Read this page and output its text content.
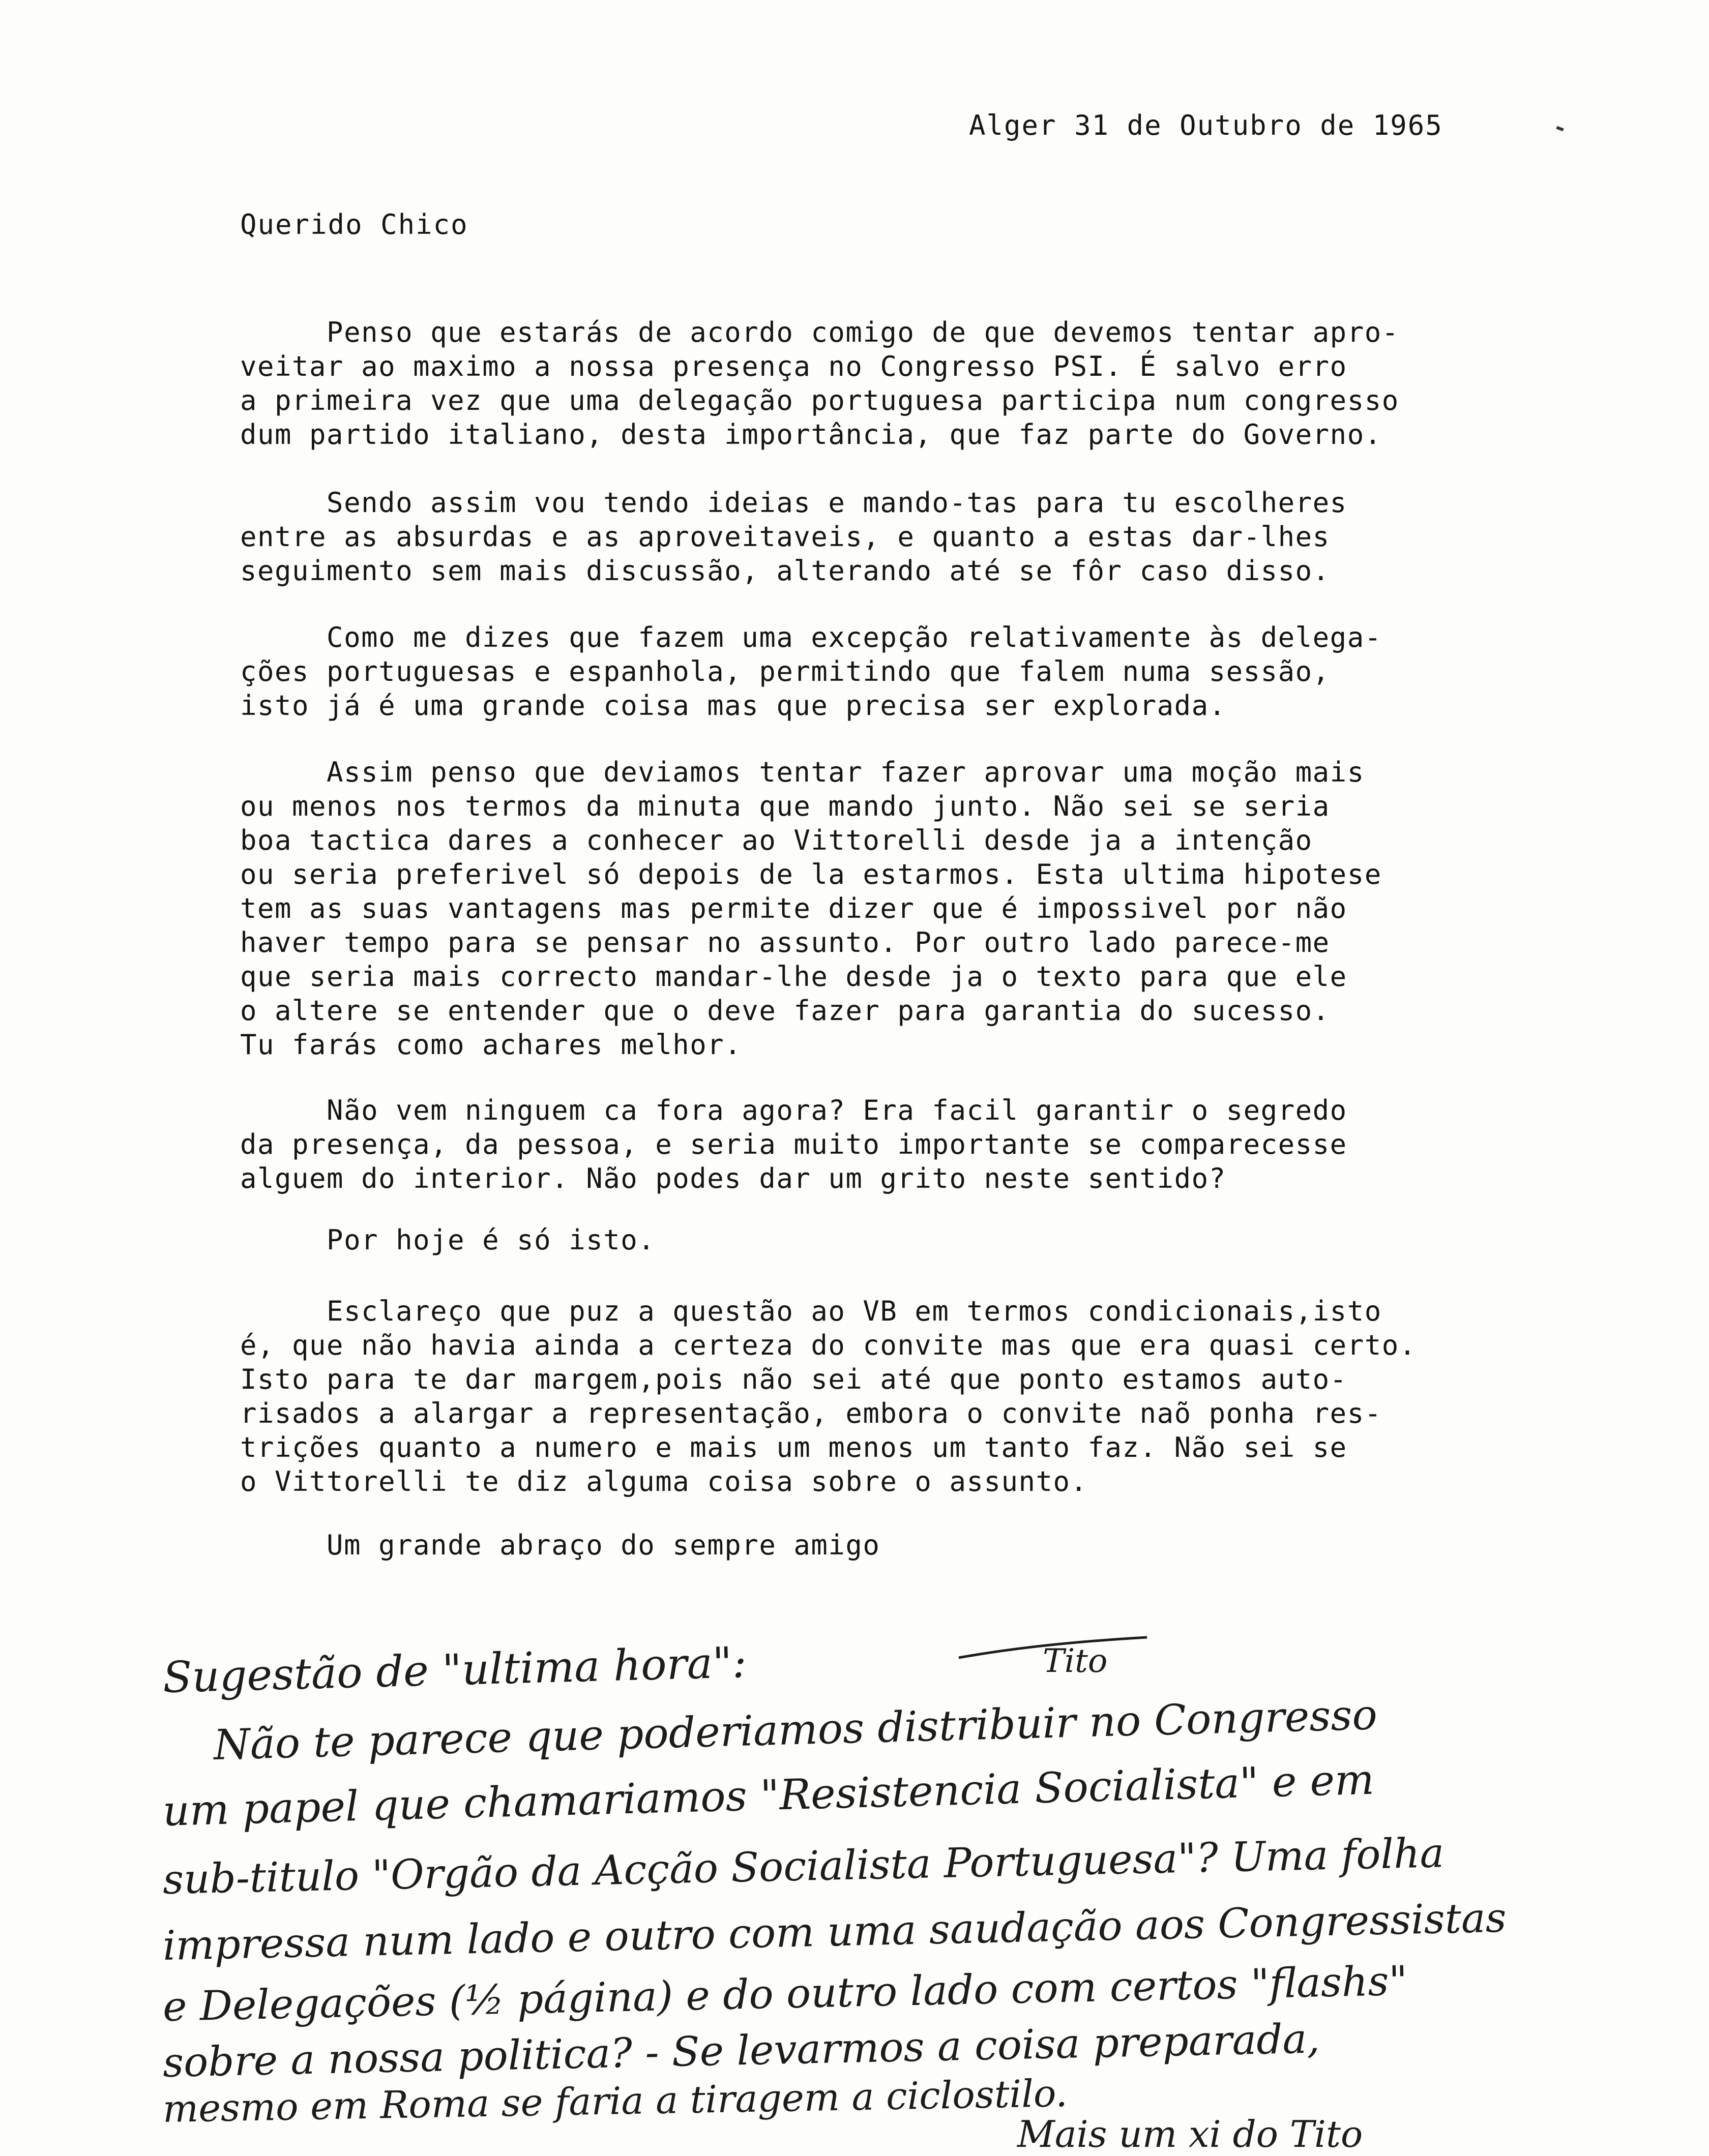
Alger 31 de Outubro de 1965
Querido Chico
Penso que estarás de acordo comigo de que devemos tentar apro-
veitar ao maximo a nossa presença no Congresso PSI. É salvo erro
a primeira vez que uma delegação portuguesa participa num congresso
dum partido italiano, desta importância, que faz parte do Governo.
Sendo assim vou tendo ideias e mando-tas para tu escolheres
entre as absurdas e as aproveitaveis, e quanto a estas dar-lhes
seguimento sem mais discussão, alterando até se fôr caso disso.
Como me dizes que fazem uma excepção relativamente às delega-
ções portuguesas e espanhola, permitindo que falem numa sessão,
isto já é uma grande coisa mas que precisa ser explorada.
Assim penso que deviamos tentar fazer aprovar uma moção mais
ou menos nos termos da minuta que mando junto. Não sei se seria
boa tactica dares a conhecer ao Vittorelli desde ja a intenção
ou seria preferivel só depois de la estarmos. Esta ultima hipotese
tem as suas vantagens mas permite dizer que é impossivel por não
haver tempo para se pensar no assunto. Por outro lado parece-me
que seria mais correcto mandar-lhe desde ja o texto para que ele
o altere se entender que o deve fazer para garantia do sucesso.
Tu farás como achares melhor.
Não vem ninguem ca fora agora? Era facil garantir o segredo
da presença, da pessoa, e seria muito importante se comparecesse
alguem do interior. Não podes dar um grito neste sentido?
Por hoje é só isto.
Esclareço que puz a questão ao VB em termos condicionais,isto
é, que não havia ainda a certeza do convite mas que era quasi certo.
Isto para te dar margem,pois não sei até que ponto estamos auto-
risados a alargar a representação, embora o convite naõ ponha res-
trições quanto a numero e mais um menos um tanto faz. Não sei se
o Vittorelli te diz alguma coisa sobre o assunto.
Um grande abraço do sempre amigo
Tito
Sugestão de "ultima hora":
Não te parece que poderiamos distribuir no Congresso
um papel que chamariamos "Resistencia Socialista" e em
sub-titulo "Orgão da Acção Socialista Portuguesa"? Uma folha
impressa num lado e outro com uma saudação aos Congressistas
e Delegações (½ página) e do outro lado com certos "flashs"
sobre a nossa politica? - Se levarmos a coisa preparada,
mesmo em Roma se faria a tiragem a ciclostilo.
Mais um xi do Tito
